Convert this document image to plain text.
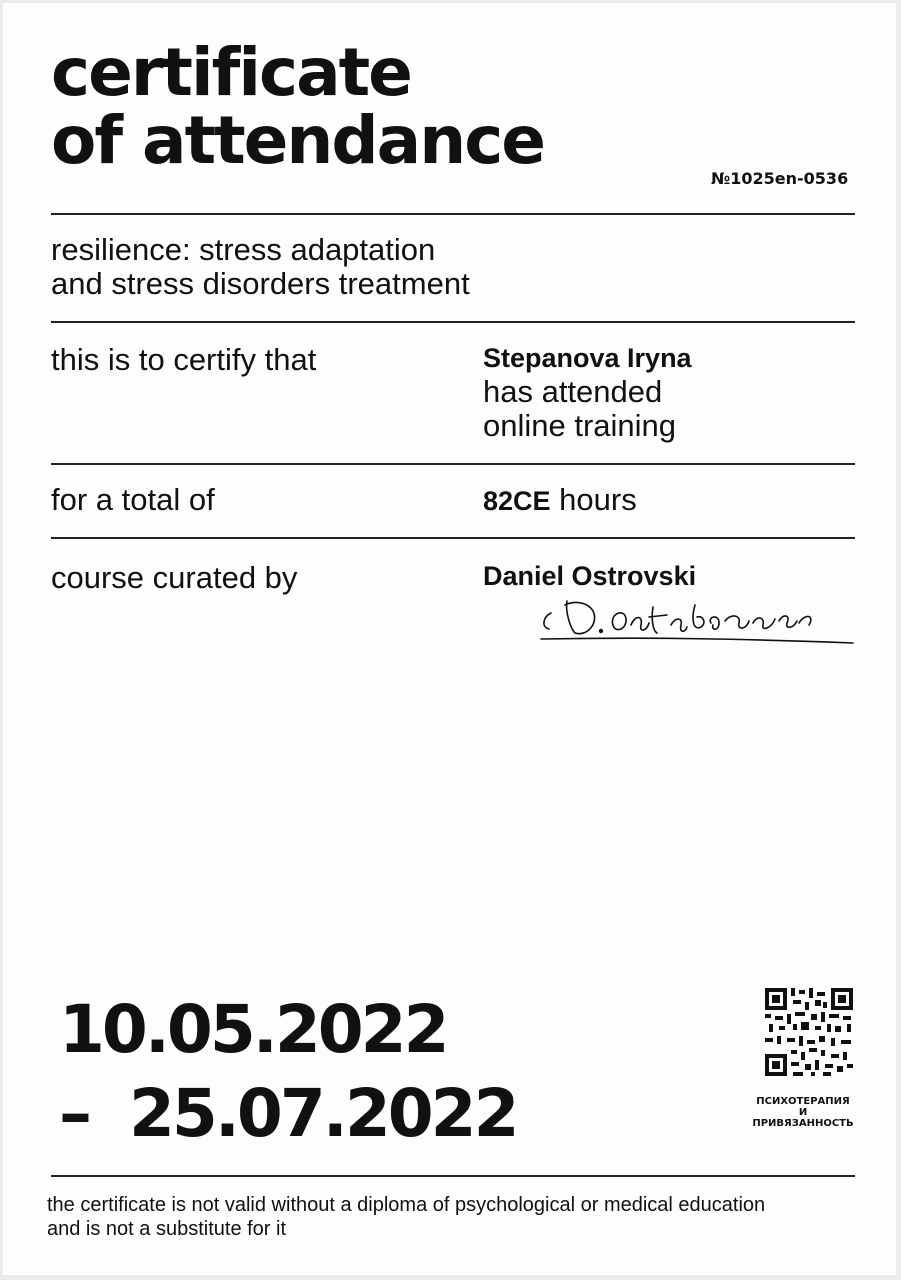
certificate
of attendance	№1025en-0536
resilience: stress adaptation
and stress disorders treatment
this is to certify that	Stepanova Iryna
has attended
online training
for a total of	82CE hours
course curated by	Daniel Ostrovski
10.05.2022
– 25.07.2022	ПСИХОТЕРАПИЯ
И
ПРИВЯЗАННОСТЬ
the certificate is not valid without a diploma of psychological or medical education
and is not a substitute for it
